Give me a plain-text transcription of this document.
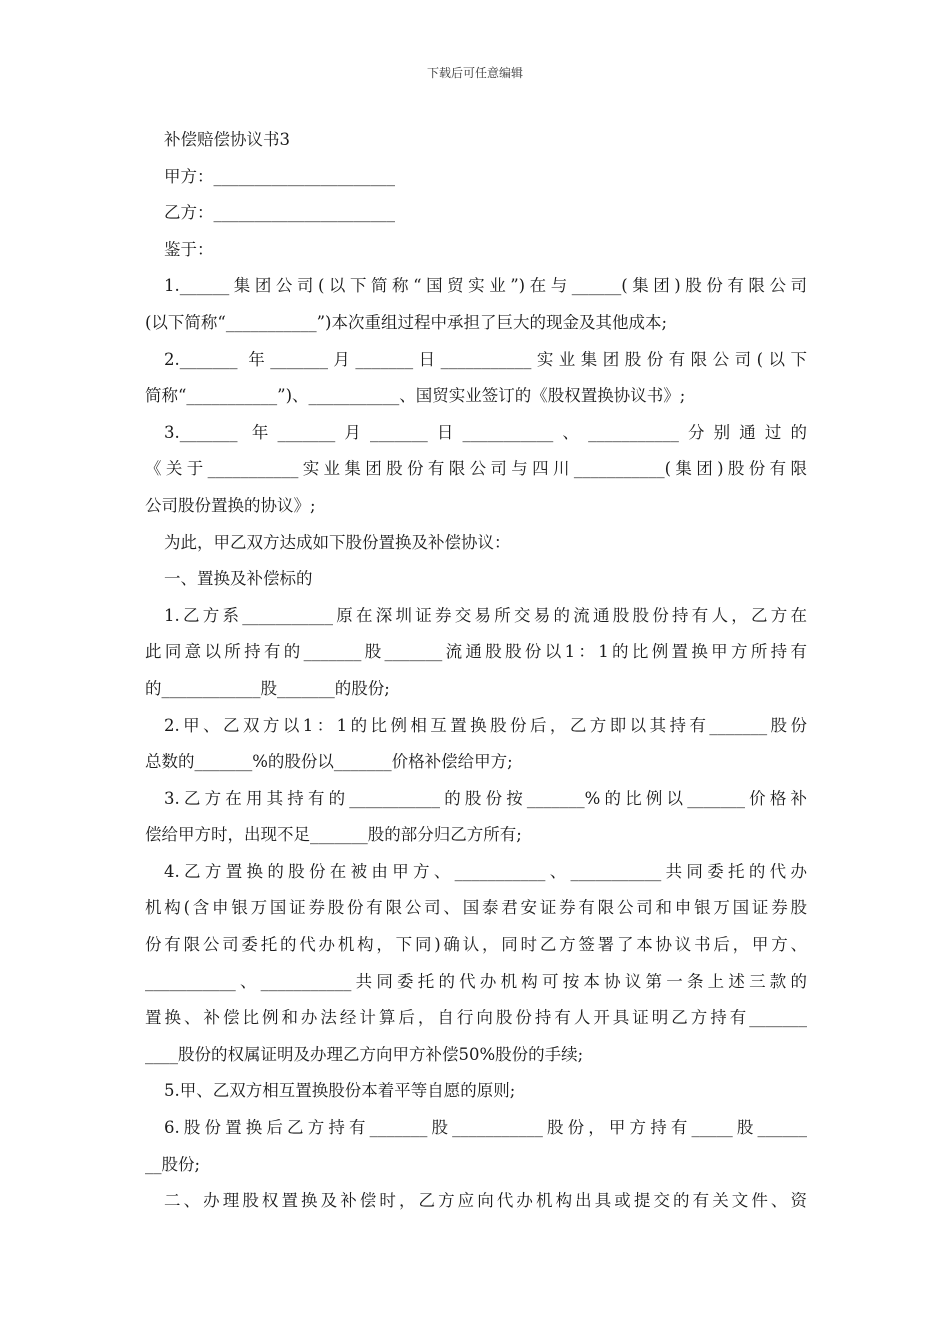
下载后可任意编辑

补偿赔偿协议书3

甲方：______________________

乙方：______________________

鉴于：

1.______集团公司(以下简称“国贸实业”)在与______(集团)股份有限公司

(以下简称“___________”)本次重组过程中承担了巨大的现金及其他成本;

2._______ 年_______月_______日___________实业集团股份有限公司(以下

简称“___________”)、___________、国贸实业签订的《股权置换协议书》;

3._______ 年_______月_______日___________、___________分别通过的

《关于___________实业集团股份有限公司与四川___________(集团)股份有限

公司股份置换的协议》;

为此，甲乙双方达成如下股份置换及补偿协议：

一、置换及补偿标的

1.乙方系___________原在深圳证券交易所交易的流通股股份持有人，乙方在

此同意以所持有的_______股_______流通股股份以1：1的比例置换甲方所持有

的____________股_______的股份;

2.甲、乙双方以1：1的比例相互置换股份后，乙方即以其持有_______股份

总数的_______%的股份以_______价格补偿给甲方;

3.乙方在用其持有的___________的股份按_______%的比例以_______价格补

偿给甲方时，出现不足_______股的部分归乙方所有;

4.乙方置换的股份在被由甲方、___________、___________共同委托的代办

机构(含申银万国证券股份有限公司、国泰君安证券有限公司和申银万国证券股

份有限公司委托的代办机构，下同)确认，同时乙方签署了本协议书后，甲方、

___________、___________共同委托的代办机构可按本协议第一条上述三款的

置换、补偿比例和办法经计算后，自行向股份持有人开具证明乙方持有_______

____股份的权属证明及办理乙方向甲方补偿50%股份的手续;

5.甲、乙双方相互置换股份本着平等自愿的原则;

6.股份置换后乙方持有_______股___________股份，甲方持有_____股______

__股份;

二、办理股权置换及补偿时，乙方应向代办机构出具或提交的有关文件、资
